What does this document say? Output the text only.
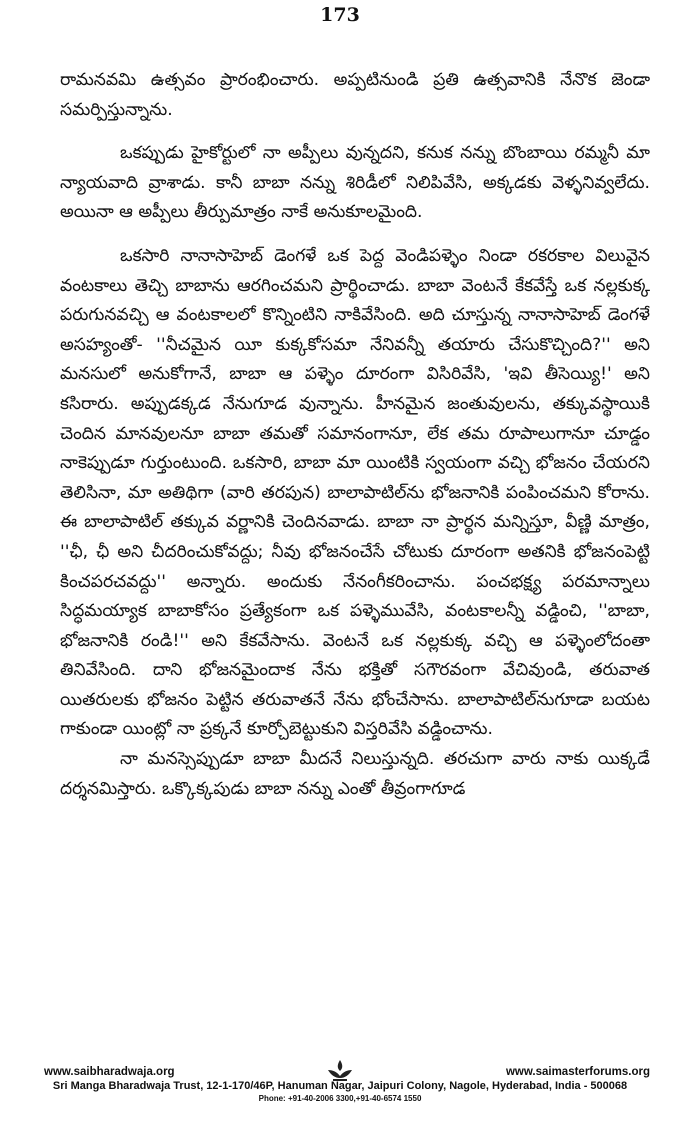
173

రామనవమి ఉత్సవం ప్రారంభించారు. అప్పటినుండి ప్రతి ఉత్సవానికి నేనొక జెండా సమర్పిస్తున్నాను.

ఒకప్పుడు హైకోర్టులో నా అప్పీలు వున్నదని, కనుక నన్ను బొంబాయి రమ్మనీ మా న్యాయవాది వ్రాశాడు. కానీ బాబా నన్ను శిరిడీలో నిలిపివేసి, అక్కడకు వెళ్ళనివ్వలేదు. అయినా ఆ అప్పీలు తీర్పుమాత్రం నాకే అనుకూలమైంది.

ఒకసారి నానాసాహెబ్ డెంగళే ఒక పెద్ద వెండిపళ్ళెం నిండా రకరకాల విలువైన వంటకాలు తెచ్చి బాబాను ఆరగించమని ప్రార్థించాడు. బాబా వెంటనే కేకవేస్తే ఒక నల్లకుక్క పరుగునవచ్చి ఆ వంటకాలలో కొన్నింటిని నాకివేసింది. అది చూస్తున్న నానాసాహెబ్ డెంగళే అసహ్యంతో- ''నీచమైన యీ కుక్కకోసమా నేనివన్నీ తయారు చేసుకొచ్చింది?'' అని మనసులో అనుకోగానే, బాబా ఆ పళ్ళెం దూరంగా విసిరివేసి, 'ఇవి తీసెయ్యి!' అని కసిరారు. అప్పుడక్కడ నేనుగూడ వున్నాను. హీనమైన జంతువులను, తక్కువస్థాయికి చెందిన మానవులనూ బాబా తమతో సమానంగానూ, లేక తమ రూపాలుగానూ చూడ్డం నాకెప్పుడూ గుర్తుంటుంది. ఒకసారి, బాబా మా యింటికి స్వయంగా వచ్చి భోజనం చేయరని తెలిసినా, మా అతిథిగా (వారి తరపున) బాలాపాటిల్‌ను భోజనానికి పంపించమని కోరాను. ఈ బాలాపాటిల్ తక్కువ వర్ణానికి చెందినవాడు. బాబా నా ప్రార్థన మన్నిస్తూ, వీణ్ణి మాత్రం, ''ఛీ, ఛీ అని చీదరించుకోవద్దు; నీవు భోజనంచేసే చోటుకు దూరంగా అతనికి భోజనంపెట్టి కించపరచవద్దు'' అన్నారు. అందుకు నేనంగీకరించాను. పంచభక్ష్య పరమాన్నాలు సిద్ధమయ్యాక బాబాకోసం ప్రత్యేకంగా ఒక పళ్ళెమువేసి, వంటకాలన్నీ వడ్డించి, ''బాబా, భోజనానికి రండి!'' అని కేకవేసాను. వెంటనే ఒక నల్లకుక్క వచ్చి ఆ పళ్ళెంలోదంతా తినివేసింది. దాని భోజనమైందాక నేను భక్తితో సగౌరవంగా వేచివుండి, తరువాత యితరులకు భోజనం పెట్టిన తరువాతనే నేను భోంచేసాను. బాలాపాటిల్‌నుగూడా బయట గాకుండా యింట్లో నా ప్రక్కనే కూర్చోబెట్టుకుని విస్తరివేసి వడ్డించాను.

నా మనస్సెప్పుడూ బాబా మీదనే నిలుస్తున్నది. తరచుగా వారు నాకు యిక్కడే దర్శనమిస్తారు. ఒక్కొక్కపుడు బాబా నన్ను ఎంతో తీవ్రంగాగూడ

www.saibharadwaja.org	www.saimasterforums.org
Sri Manga Bharadwaja Trust, 12-1-170/46P, Hanuman Nagar, Jaipuri Colony, Nagole, Hyderabad, India - 500068
Phone: +91-40-2006 3300,+91-40-6574 1550
